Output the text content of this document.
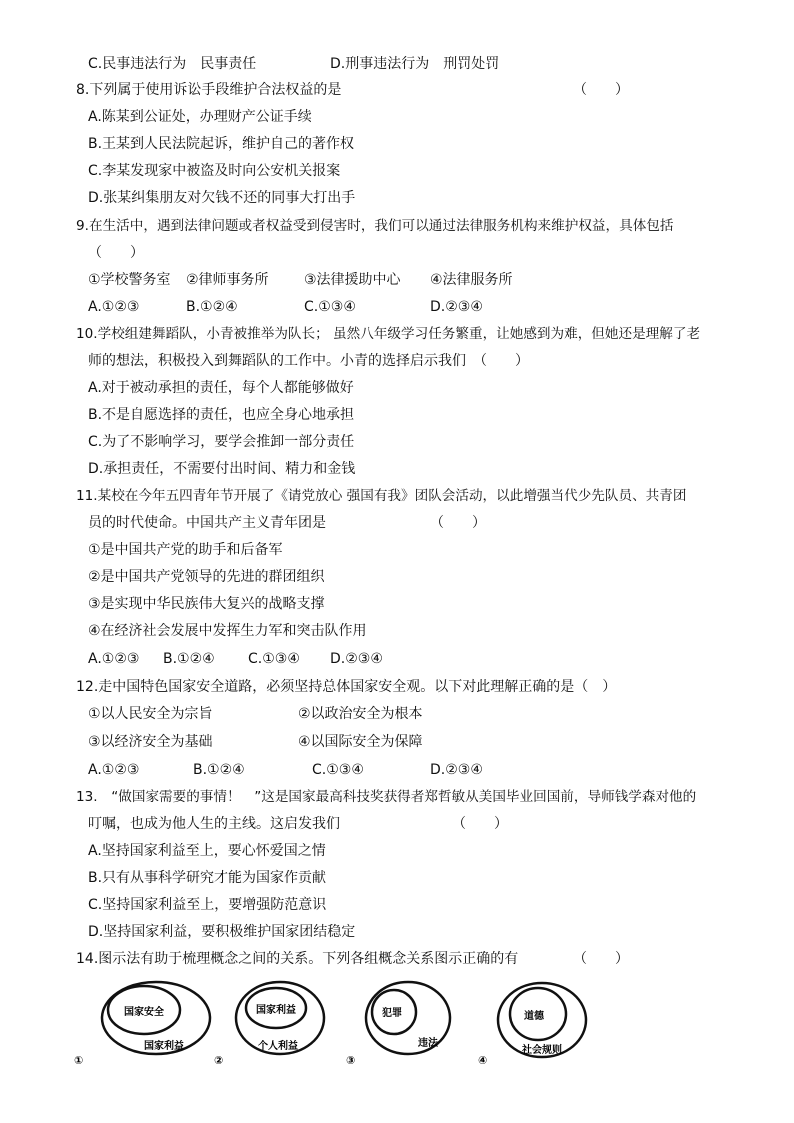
C.民事违法行为　民事责任	D.刑事违法行为　刑罚处罚
8.下列属于使用诉讼手段维护合法权益的是	（　　）
A.陈某到公证处，办理财产公证手续
B.王某到人民法院起诉，维护自己的著作权
C.李某发现家中被盗及时向公安机关报案
D.张某纠集朋友对欠钱不还的同事大打出手
9.在生活中，遇到法律问题或者权益受到侵害时，我们可以通过法律服务机构来维护权益，具体包括
（　　）
①学校警务室 ②律师事务所	③法律援助中心 ④法律服务所
A.①②③	B.①②④	C.①③④	D.②③④
10.学校组建舞蹈队，小青被推举为队长； 虽然八年级学习任务繁重，让她感到为难，但她还是理解了老
师的想法，积极投入到舞蹈队的工作中。小青的选择启示我们　（　　）
A.对于被动承担的责任，每个人都能够做好
B.不是自愿选择的责任，也应全身心地承担
C.为了不影响学习，要学会推卸一部分责任
D.承担责任，不需要付出时间、精力和金钱
11.某校在今年五四青年节开展了《请党放心 强国有我》团队会活动，以此增强当代少先队员、共青团
员的时代使命。中国共产主义青年团是	（　　）
①是中国共产党的助手和后备军
②是中国共产党领导的先进的群团组织
③是实现中华民族伟大复兴的战略支撑
④在经济社会发展中发挥生力军和突击队作用
A.①②③ B.①②④ C.①③④ D.②③④
12.走中国特色国家安全道路，必须坚持总体国家安全观。以下对此理解正确的是（　）
①以人民安全为宗旨	②以政治安全为根本
③以经济安全为基础	④以国际安全为保障
A.①②③	B.①②④	C.①③④	D.②③④
13.　“做国家需要的事情！　”这是国家最高科技奖获得者郑哲敏从美国毕业回国前，导师钱学森对他的
叮嘱，也成为他人生的主线。这启发我们	（　　）
A.坚持国家利益至上，要心怀爱国之情
B.只有从事科学研究才能为国家作贡献
C.坚持国家利益至上，要增强防范意识
D.坚持国家利益，要积极维护国家团结稳定
14.图示法有助于梳理概念之间的关系。下列各组概念关系图示正确的有	（　　）
国家安全
国家利益
①
国家利益
个人利益
②
犯罪
违法
③
道德
社会规则
④
